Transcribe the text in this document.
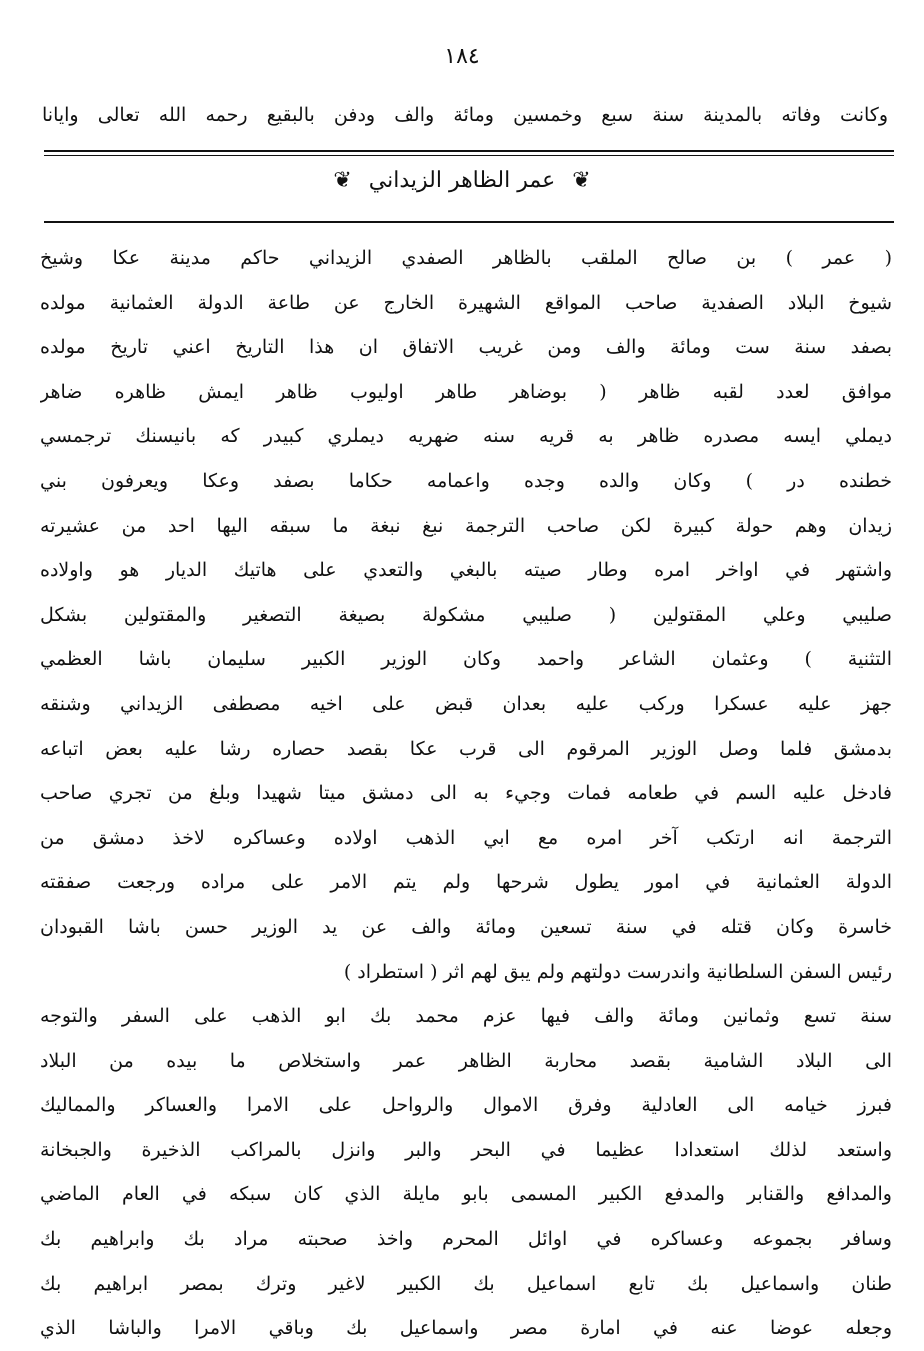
١٨٤
وكانت وفاته بالمدينة سنة سبع وخمسين ومائة والف ودفن بالبقيع رحمه الله تعالى وايانا
❦ عمر الظاهر الزيداني ❦
( عمر ) بن صالح الملقب بالظاهر الصفدي الزيداني حاكم مدينة عكا وشيخ
شيوخ البلاد الصفدية صاحب المواقع الشهيرة الخارج عن طاعة الدولة العثمانية مولده
بصفد سنة ست ومائة والف ومن غريب الاتفاق ان هذا التاريخ اعني تاريخ مولده
موافق لعدد لقبه ظاهر ( بوضاهر طاهر اوليوب ظاهر ايمش ظاهره ضاهر
ديملي ايسه مصدره ظاهر به قريه سنه ضهريه ديملري كبيدر كه بانيسنك ترجمسي
خطنده در ) وكان والده وجده واعمامه حكاما بصفد وعكا ويعرفون بني
زيدان وهم حولة كبيرة لكن صاحب الترجمة نبغ نبغة ما سبقه اليها احد من عشيرته
واشتهر في اواخر امره وطار صيته بالبغي والتعدي على هاتيك الديار هو واولاده
صليبي وعلي المقتولين ( صليبي مشكولة بصيغة التصغير والمقتولين بشكل
التثنية ) وعثمان الشاعر واحمد وكان الوزير الكبير سليمان باشا العظمي
جهز عليه عسكرا وركب عليه بعدان قبض على اخيه مصطفى الزيداني وشنقه
بدمشق فلما وصل الوزير المرقوم الى قرب عكا بقصد حصاره رشا عليه بعض اتباعه
فادخل عليه السم في طعامه فمات وجيء به الى دمشق ميتا شهيدا وبلغ من تجري صاحب
الترجمة انه ارتكب آخر امره مع ابي الذهب اولاده وعساكره لاخذ دمشق من
الدولة العثمانية في امور يطول شرحها ولم يتم الامر على مراده ورجعت صفقته
خاسرة وكان قتله في سنة تسعين ومائة والف عن يد الوزير حسن باشا القبودان
رئيس السفن السلطانية واندرست دولتهم ولم يبق لهم اثر ( استطراد )
سنة تسع وثمانين ومائة والف فيها عزم محمد بك ابو الذهب على السفر والتوجه
الى البلاد الشامية بقصد محاربة الظاهر عمر واستخلاص ما بيده من البلاد
فبرز خيامه الى العادلية وفرق الاموال والرواحل على الامرا والعساكر والمماليك
واستعد لذلك استعدادا عظيما في البحر والبر وانزل بالمراكب الذخيرة والجبخانة
والمدافع والقنابر والمدفع الكبير المسمى بابو مايلة الذي كان سبكه في العام الماضي
وسافر بجموعه وعساكره في اوائل المحرم واخذ صحبته مراد بك وابراهيم بك
طنان واسماعيل بك تابع اسماعيل بك الكبير لاغير وترك بمصر ابراهيم بك
وجعله عوضا عنه في امارة مصر واسماعيل بك وباقي الامرا والباشا الذي
